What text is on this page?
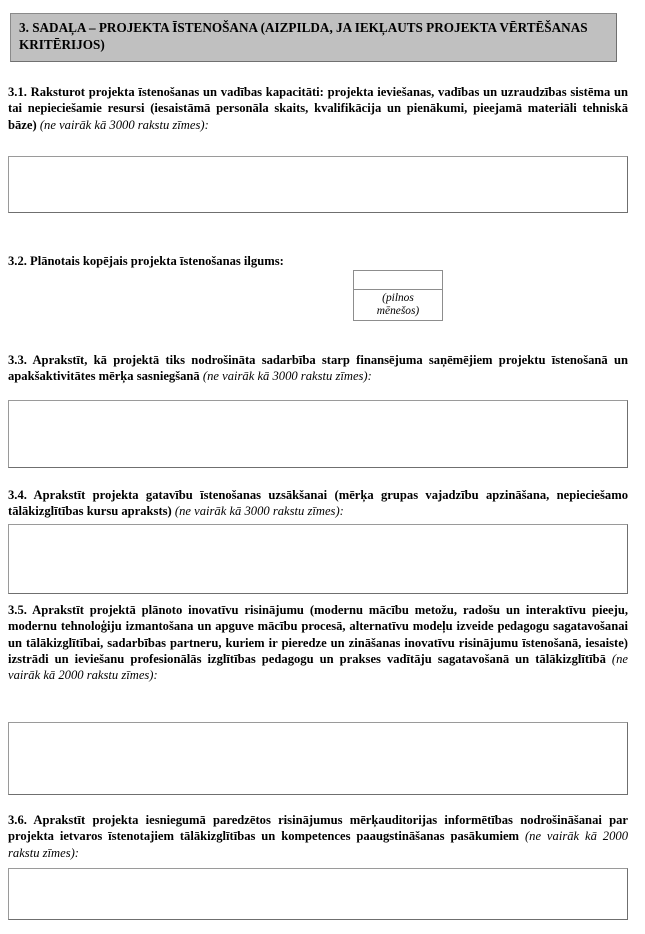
3. SADAĻA – PROJEKTA ĪSTENOŠANA (AIZPILDA, JA IEKĻAUTS PROJEKTA VĒRTĒŠANAS KRITĒRIJOS)
3.1. Raksturot projekta īstenošanas un vadības kapacitāti: projekta ieviešanas, vadības un uzraudzības sistēma un tai nepieciešamie resursi (iesaistāmā personāla skaits, kvalifikācija un pienākumi, pieejamā materiāli tehniskā bāze) (ne vairāk kā 3000 rakstu zīmes):
3.2. Plānotais kopējais projekta īstenošanas ilgums:
(pilnos
mēnešos)
3.3. Aprakstīt, kā projektā tiks nodrošināta sadarbība starp finansējuma saņēmējiem projektu īstenošanā un apakšaktivitātes mērķa sasniegšanā (ne vairāk kā 3000 rakstu zīmes):
3.4. Aprakstīt projekta gatavību īstenošanas uzsākšanai (mērķa grupas vajadzību apzināšana, nepieciešamo tālākizglītības kursu apraksts) (ne vairāk kā 3000 rakstu zīmes):
3.5. Aprakstīt projektā plānoto inovatīvu risinājumu (modernu mācību metožu, radošu un interaktīvu pieeju, modernu tehnoloģiju izmantošana un apguve mācību procesā, alternatīvu modeļu izveide pedagogu sagatavošanai un tālākizglītībai, sadarbības partneru, kuriem ir pieredze un zināšanas inovatīvu risinājumu īstenošanā, iesaiste) izstrādi un ieviešanu profesionālās izglītības pedagogu un prakses vadītāju sagatavošanā un tālākizglītībā (ne vairāk kā 2000 rakstu zīmes):
3.6. Aprakstīt projekta iesniegumā paredzētos risinājumus mērķauditorijas informētības nodrošināšanai par projekta ietvaros īstenotajiem tālākizglītības un kompetences paaugstināšanas pasākumiem (ne vairāk kā 2000 rakstu zīmes):
